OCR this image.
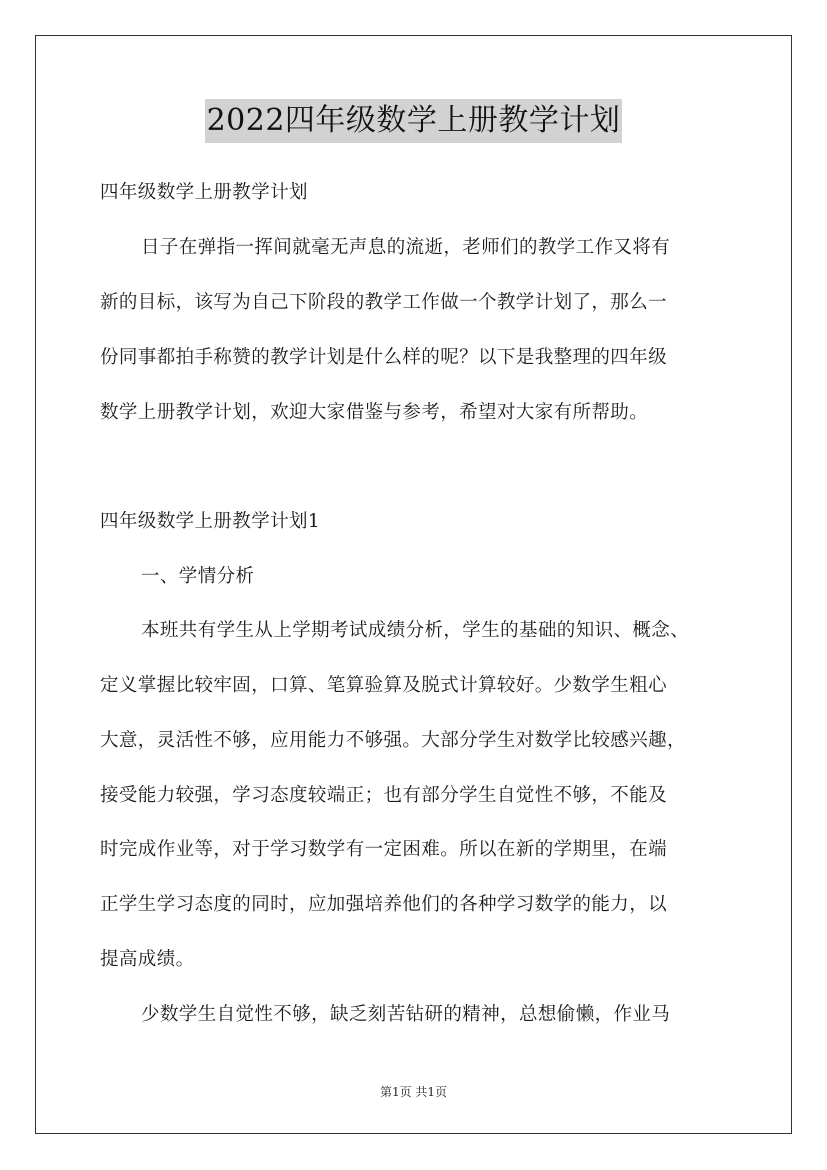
2022四年级数学上册教学计划
四年级数学上册教学计划
日子在弹指一挥间就毫无声息的流逝，老师们的教学工作又将有
新的目标，该写为自己下阶段的教学工作做一个教学计划了，那么一
份同事都拍手称赞的教学计划是什么样的呢？以下是我整理的四年级
数学上册教学计划，欢迎大家借鉴与参考，希望对大家有所帮助。
四年级数学上册教学计划1
一、学情分析
本班共有学生从上学期考试成绩分析，学生的基础的知识、概念、
定义掌握比较牢固，口算、笔算验算及脱式计算较好。少数学生粗心
大意，灵活性不够，应用能力不够强。大部分学生对数学比较感兴趣，
接受能力较强，学习态度较端正；也有部分学生自觉性不够，不能及
时完成作业等，对于学习数学有一定困难。所以在新的学期里，在端
正学生学习态度的同时，应加强培养他们的各种学习数学的能力，以
提高成绩。
少数学生自觉性不够，缺乏刻苦钻研的精神，总想偷懒，作业马
第1页 共1页
